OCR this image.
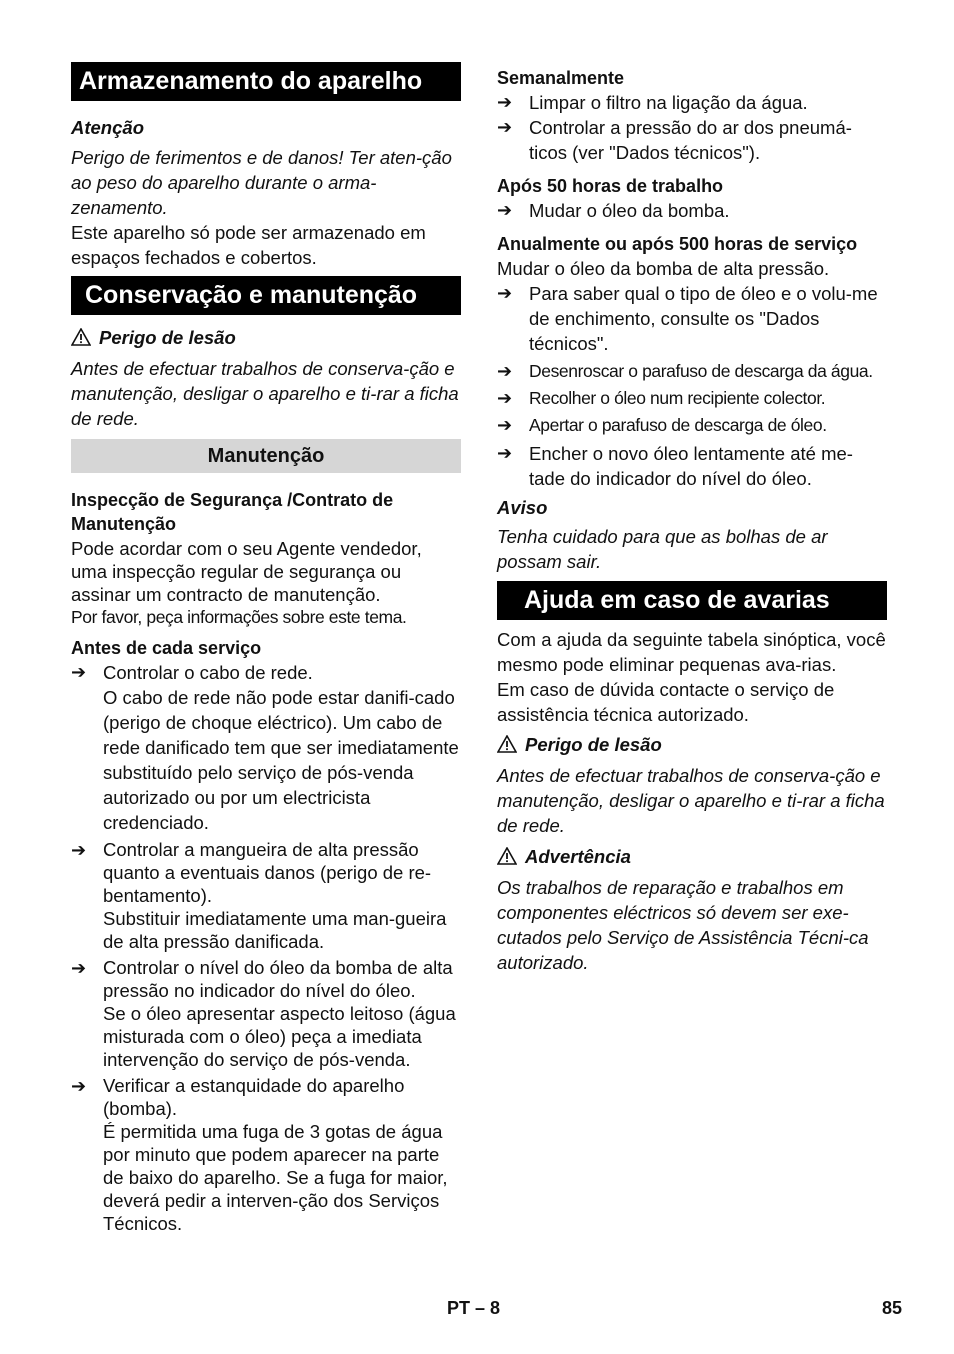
Armazenamento do aparelho

Atenção

Perigo de ferimentos e de danos! Ter aten-ção ao peso do aparelho durante o arma-zenamento.

Este aparelho só pode ser armazenado em espaços fechados e cobertos.

Conservação e manutenção

Perigo de lesão

Antes de efectuar trabalhos de conserva-ção e manutenção, desligar o aparelho e ti-rar a ficha de rede.

Manutenção

Inspecção de Segurança /Contrato de Manutenção

Pode acordar com o seu Agente vendedor, uma inspecção regular de segurança ou assinar um contracto de manutenção.

Por favor, peça informações sobre este tema.

Antes de cada serviço

➔ Controlar o cabo de rede.

O cabo de rede não pode estar danifi-cado (perigo de choque eléctrico). Um cabo de rede danificado tem que ser imediatamente substituído pelo serviço de pós-venda autorizado ou por um electricista credenciado.

➔ Controlar a mangueira de alta pressão quanto a eventuais danos (perigo de re-bentamento).

Substituir imediatamente uma man-gueira de alta pressão danificada.

➔ Controlar o nível do óleo da bomba de alta pressão no indicador do nível do óleo.

Se o óleo apresentar aspecto leitoso (água misturada com o óleo) peça a imediata intervenção do serviço de pós-venda.

➔ Verificar a estanquidade do aparelho (bomba).

É permitida uma fuga de 3 gotas de água por minuto que podem aparecer na parte de baixo do aparelho. Se a fuga for maior, deverá pedir a interven-ção dos Serviços Técnicos.

Semanalmente

➔ Limpar o filtro na ligação da água.

➔ Controlar a pressão do ar dos pneumá-ticos (ver "Dados técnicos").

Após 50 horas de trabalho

➔ Mudar o óleo da bomba.

Anualmente ou após 500 horas de serviço

Mudar o óleo da bomba de alta pressão.

➔ Para saber qual o tipo de óleo e o volu-me de enchimento, consulte os "Dados técnicos".

➔ Desenroscar o parafuso de descarga da água.

➔ Recolher o óleo num recipiente colector.

➔ Apertar o parafuso de descarga de óleo.

➔ Encher o novo óleo lentamente até me-tade do indicador do nível do óleo.

Aviso

Tenha cuidado para que as bolhas de ar possam sair.

Ajuda em caso de avarias

Com a ajuda da seguinte tabela sinóptica, você mesmo pode eliminar pequenas ava-rias.

Em caso de dúvida contacte o serviço de assistência técnica autorizado.

Perigo de lesão

Antes de efectuar trabalhos de conserva-ção e manutenção, desligar o aparelho e ti-rar a ficha de rede.

Advertência

Os trabalhos de reparação e trabalhos em componentes eléctricos só devem ser exe-cutados pelo Serviço de Assistência Técni-ca autorizado.

PT – 8	85
